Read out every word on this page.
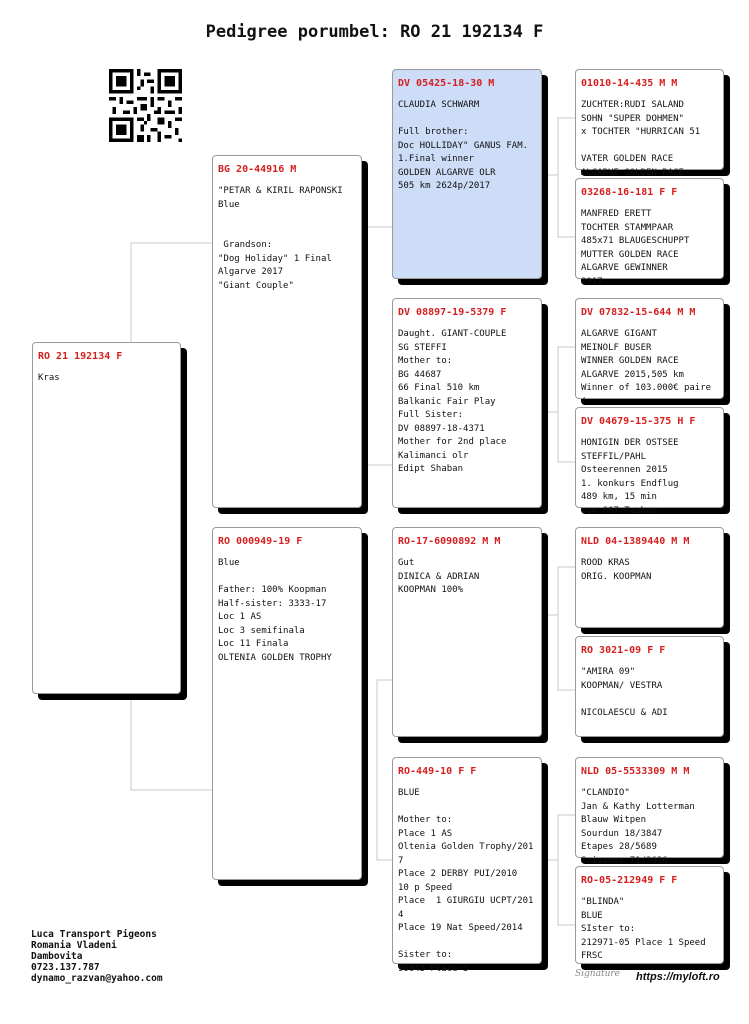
Pedigree porumbel: RO 21 192134 F
RO 21 192134 F
Kras
BG 20-44916 M
"PETAR & KIRIL RAPONSKI
Blue

Grandson:
"Dog Holiday" 1 Final
Algarve 2017
"Giant Couple"
RO 000949-19 F
Blue

Father: 100% Koopman
Half-sister: 3333-17
Loc 1 AS
Loc 3 semifinala
Loc 11 Finala
OLTENIA GOLDEN TROPHY
DV 05425-18-30 M
CLAUDIA SCHWARM

Full brother:
Doc HOLLIDAY" GANUS FAM.
1.Final winner
GOLDEN ALGARVE OLR
505 km 2624p/2017
DV 08897-19-5379 F
Daught. GIANT-COUPLE
SG STEFFI
Mother to:
BG 44687
66 Final 510 km
Balkanic Fair Play
Full Sister:
DV 08897-18-4371
Mother for 2nd place
Kalimanci olr
Edipt Shaban
RO-17-6090892 M M
Gut
DINICA & ADRIAN
KOOPMAN 100%
RO-449-10 F F
BLUE

Mother to:
Place 1 AS
Oltenia Golden Trophy/2017
Place 2 DERBY PUI/2010
10 p Speed
Place  1 GIURGIU UCPT/2014
Place 19 Nat Speed/2014

Sister to:
90043 Place 3
01010-14-435 M M
ZUCHTER:RUDI SALAND
SOHN "SUPER DOHMEN"
x TOCHTER "HURRICAN 51

VATER GOLDEN RACE
ALGARVE GOLDEN RACE
03268-16-181 F F
MANFRED ERETT
TOCHTER STAMMPAAR
485x71 BLAUGESCHUPPT
MUTTER GOLDEN RACE
ALGARVE GEWINNER
2017
DV 07832-15-644 M M
ALGARVE GIGANT
MEINOLF BUSER
WINNER GOLDEN RACE
ALGARVE 2015,505 km
Winner of 103.000€ paire
(
DV 04679-15-375 H F
HONIGIN DER OSTSEE
STEFFIL/PAHL
Osteerennen 2015
1. konkurs Endflug
489 km, 15 min
von 607 Tauben
NLD 04-1389440 M M
ROOD KRAS
ORIG. KOOPMAN
RO 3021-09 F F
"AMIRA 09"
KOOPMAN/ VESTRA

NICOLAESCU & ADI
NLD 05-5533309 M M
"CLANDIO"
Jan & Kathy Lotterman
Blauw Witpen
Sourdun 18/3847
Etapes 28/5689
Soissons 71/2626
RO-05-212949 F F
"BLINDA"
BLUE
SIster to:
212971-05 Place 1 Speed
FRSC
Luca Transport Pigeons
Romania Vladeni
Dambovita
0723.137.787
dynamo_razvan@yahoo.com	Signature https://myloft.ro
